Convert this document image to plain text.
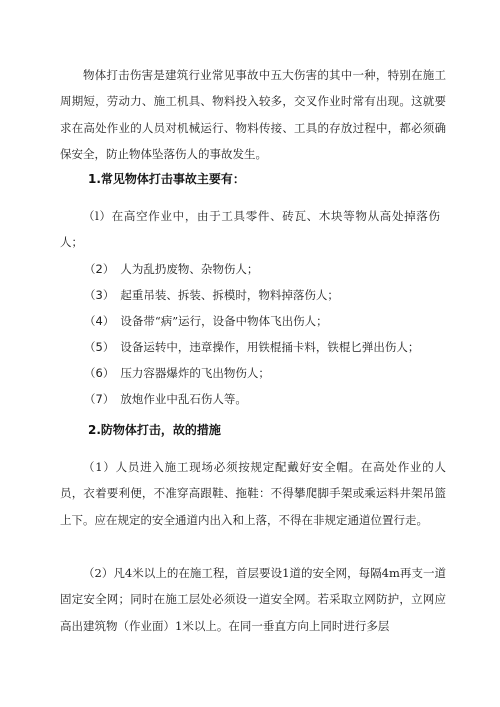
物体打击伤害是建筑行业常见事故中五大伤害的其中一种，特别在施工周期短，劳动力、施工机具、物料投入较多，交叉作业时常有出现。这就要求在高处作业的人员对机械运行、物料传接、工具的存放过程中，都必须确保安全，防止物体坠落伤人的事故发生。

1.常见物体打击事故主要有：

（l）在高空作业中，由于工具零件、砖瓦、木块等物从高处掉落伤人；

（2） 人为乱扔废物、杂物伤人；
（3） 起重吊装、拆装、拆模时，物料掉落伤人；
（4） 设备带“病”运行，设备中物体飞出伤人；
（5） 设备运转中，违章操作，用铁棍捅卡料，铁棍匕弹出伤人；
（6） 压力容器爆炸的飞出物伤人；
（7） 放炮作业中乱石伤人等。
2.防物体打击，故的措施

（1）人员进入施工现场必须按规定配戴好安全帽。在高处作业的人员，衣着要利便，不准穿高跟鞋、拖鞋：不得攀爬脚手架或乘运料井架吊篮上下。应在规定的安全通道内出入和上落，不得在非规定通道位置行走。

（2）凡4米以上的在施工程，首层要设1道的安全网，每隔4m再支一道固定安全网；同时在施工层处必须设一道安全网。若采取立网防护，立网应高出建筑物（作业面）1米以上。在同一垂直方向上同时进行多层
